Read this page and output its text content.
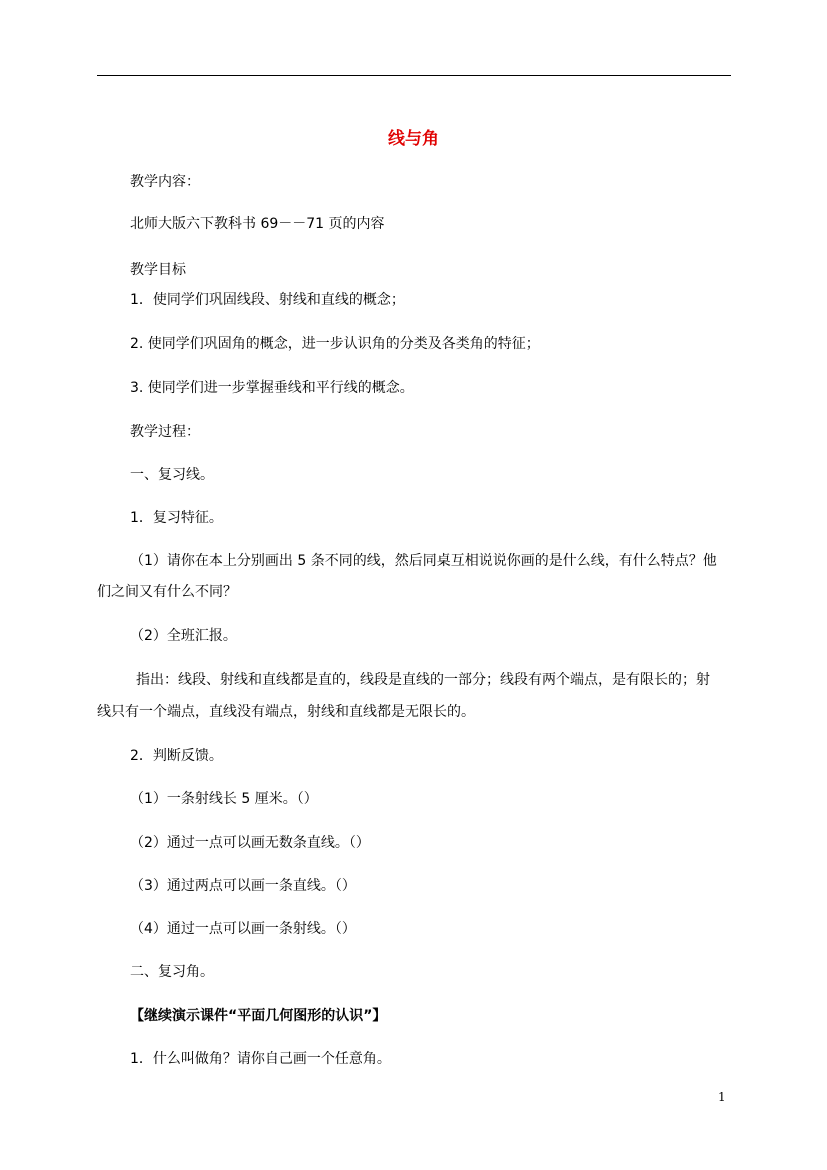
线与角
教学内容：
北师大版六下教科书 69－－71 页的内容
教学目标
1．使同学们巩固线段、射线和直线的概念；
2. 使同学们巩固角的概念，进一步认识角的分类及各类角的特征；
3. 使同学们进一步掌握垂线和平行线的概念。
教学过程：
一、复习线。
1．复习特征。
（1）请你在本上分别画出 5 条不同的线，然后同桌互相说说你画的是什么线，有什么特点？他
们之间又有什么不同？
（2）全班汇报。
指出：线段、射线和直线都是直的，线段是直线的一部分；线段有两个端点，是有限长的；射
线只有一个端点，直线没有端点，射线和直线都是无限长的。
2．判断反馈。
（1）一条射线长 5 厘米。（）
（2）通过一点可以画无数条直线。（）
（3）通过两点可以画一条直线。（）
（4）通过一点可以画一条射线。（）
二、复习角。
【继续演示课件“平面几何图形的认识”】
1．什么叫做角？请你自己画一个任意角。
1
